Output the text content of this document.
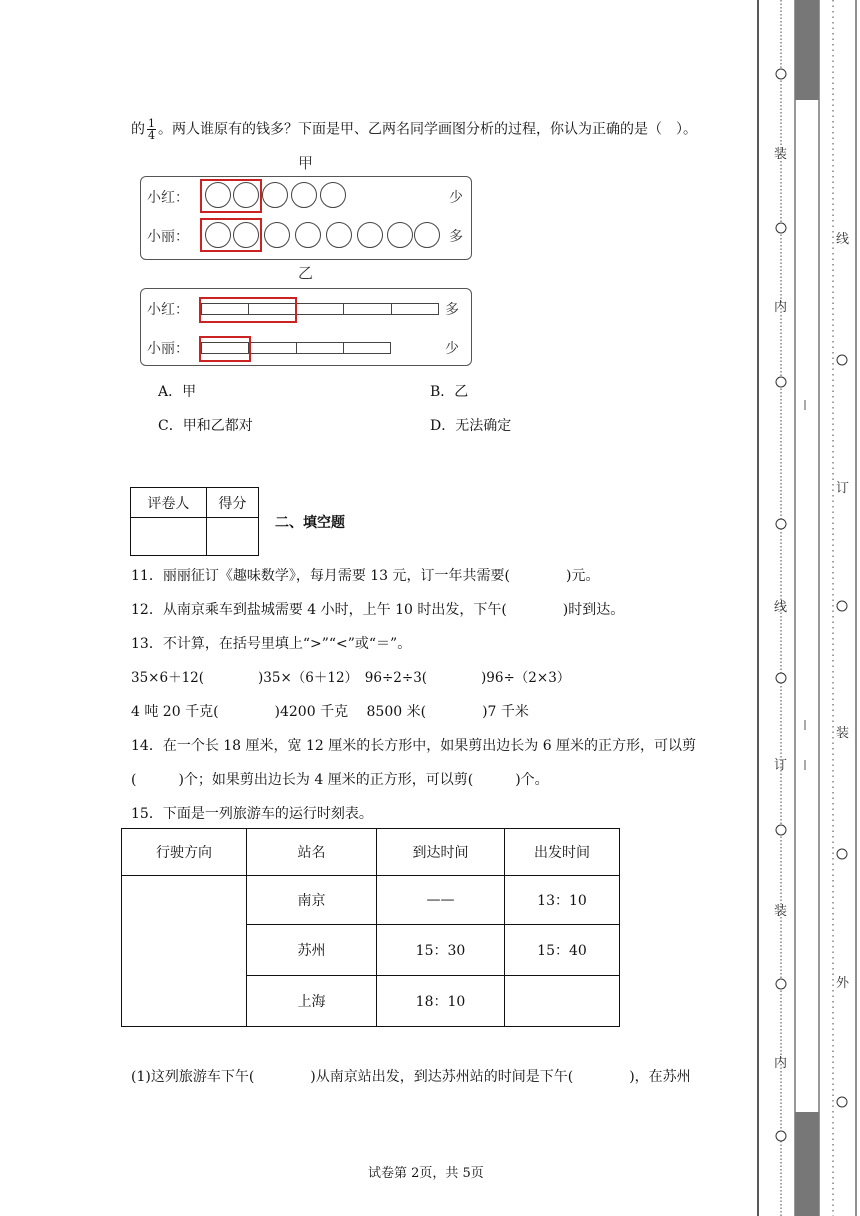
的 $\frac{1}{4}$ 。两人谁原有的钱多？下面是甲、乙两名同学画图分析的过程，你认为正确的是（　）。
甲
小红：
小丽：
少
多
乙
小红：
小丽：
多
少
A．甲	B．乙
C．甲和乙都对	D．无法确定
评卷人	得分

二、填空题
11．丽丽征订《趣味数学》，每月需要 13 元，订一年共需要(　　　　)元。
12．从南京乘车到盐城需要 4 小时，上午 10 时出发，下午(　　　　)时到达。
13．不计算，在括号里填上“>”“<”或“＝”。
35×6＋12(　　　　)35×（6＋12）　96÷2÷3(　　　　)96÷（2×3）
4 吨 20 千克(　　　　)4200 千克　 8500 米(　　　　)7 千米
14．在一个长 18 厘米，宽 12 厘米的长方形中，如果剪出边长为 6 厘米的正方形，可以剪
(　　　)个；如果剪出边长为 4 厘米的正方形，可以剪(　　　)个。
15．下面是一列旅游车的运行时刻表。
行驶方向	站名	到达时间	出发时间
	南京	——	13：10
	苏州	15：30	15：40
	上海	18：10	
(1)这列旅游车下午(　　　　)从南京站出发，到达苏州站的时间是下午(　　　　)，在苏州
试卷第 2页，共 5页
装
内
线
订
装
内
线
订
装
外
